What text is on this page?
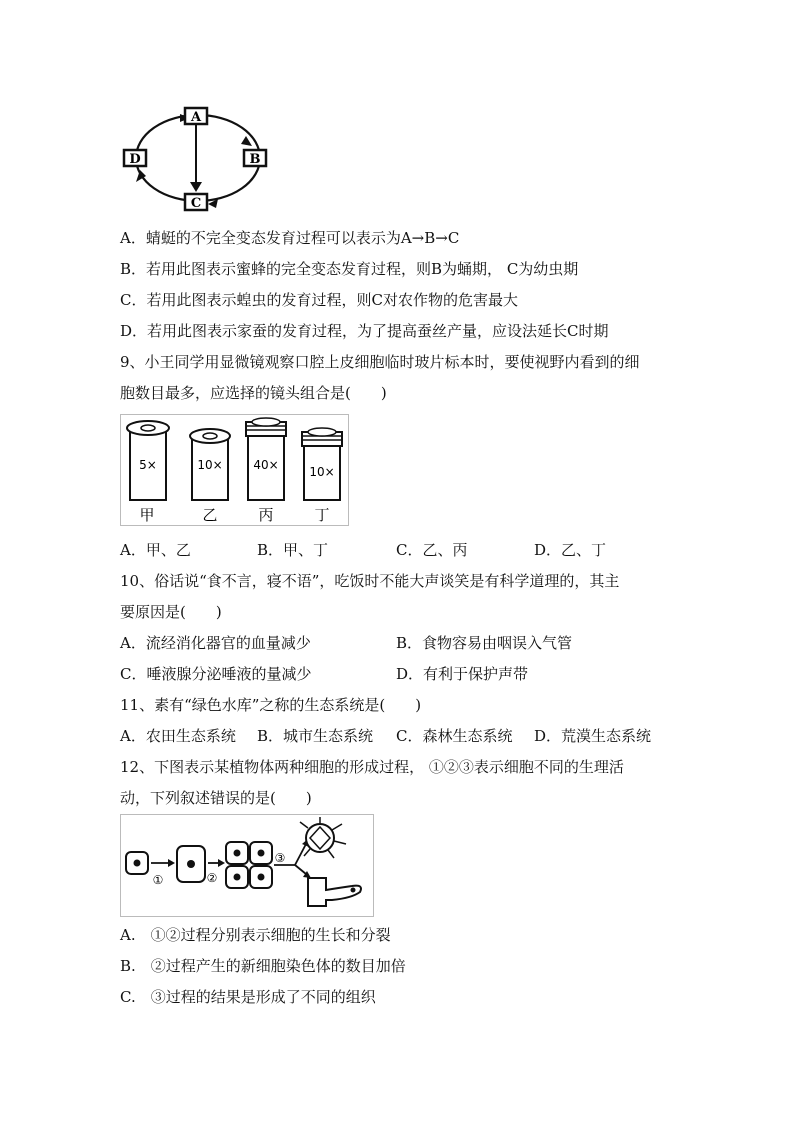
A
B
C
D
A．蜻蜓的不完全变态发育过程可以表示为A→B→C
B．若用此图表示蜜蜂的完全变态发育过程，则B为蛹期， C为幼虫期
C．若用此图表示蝗虫的发育过程，则C对农作物的危害最大
D．若用此图表示家蚕的发育过程，为了提高蚕丝产量，应设法延长C时期
9、小王同学用显微镜观察口腔上皮细胞临时玻片标本时，要使视野内看到的细
胞数目最多，应选择的镜头组合是(　　)
5×
甲
10×
乙
40×
丙
10×
丁
A．甲、乙	B．甲、丁	C．乙、丙	D．乙、丁
10、俗话说“食不言，寝不语”，吃饭时不能大声谈笑是有科学道理的，其主
要原因是(　　)
A．流经消化器官的血量减少	B．食物容易由咽误入气管
C．唾液腺分泌唾液的量减少	D．有利于保护声带
11、素有“绿色水库”之称的生态系统是(　　)
A．农田生态系统 B．城市生态系统 C．森林生态系统 D．荒漠生态系统
12、下图表示某植物体两种细胞的形成过程， ①②③表示细胞不同的生理活
动，下列叙述错误的是(　　)
①	②
③
A.　①②过程分别表示细胞的生长和分裂
B.　②过程产生的新细胞染色体的数目加倍
C.　③过程的结果是形成了不同的组织
